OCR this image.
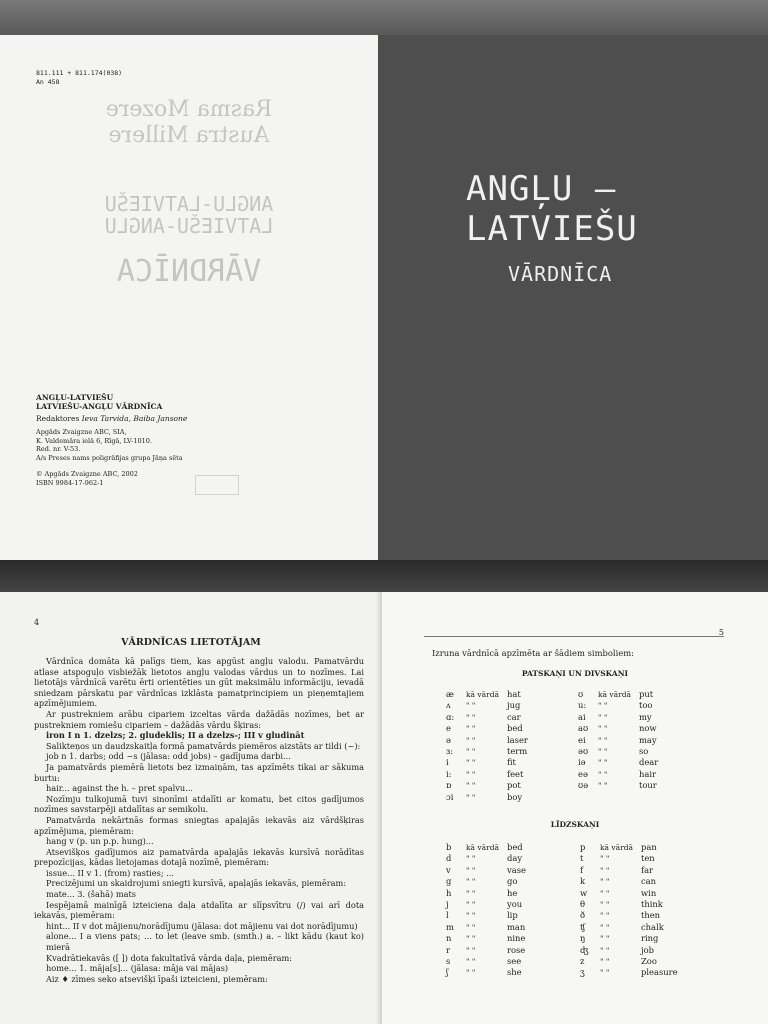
811.111 + 811.174(038)
An 458
Rasma Mozere
Austra Millere
ANGLU-LATVIEŠU
LATVIEŠU-ANGLU
VĀRDNĪCA
ANGĻU-LATVIEŠU
LATVIEŠU-ANGĻU VĀRDNĪCA
Redaktores Ieva Tarvida, Baiba Jansone
Apgāds Zvaigzne ABC, SIA,
K. Valdemāra ielā 6, Rīgā, LV-1010.
Red. nr. V-53.
A/s Preses nams poligrāfijas grupa Jāņa sēta
© Apgāds Zvaigzne ABC, 2002
ISBN 9984-17-962-1
ANGĻU –
LATVIEŠU
VĀRDNĪCA
4
VĀRDNĪCAS LIETOTĀJAM

Vārdnīca domāta kā palīgs tiem, kas apgūst angļu valodu. Pamatvārdu atlase atspoguļo visbiežāk lietotos angļu valodas vārdus un to nozīmes. Lai lietotājs vārdnīcā varētu ērti orientēties un gūt maksimālu informāciju, ievadā sniedzam pārskatu par vārdnīcas izklāsta pamatprincipiem un pieņemtajiem apzīmējumiem.

Ar pustrekniem arābu cipariem izceltas vārda dažādās nozīmes, bet ar pustrekniem romiešu cipariem – dažādās vārdu šķiras:

iron I n 1. dzelzs; 2. gludeklis; II a dzelzs-; III v gludināt

Salikteņos un daudzskaitļa formā pamatvārds piemēros aizstāts ar tildi (~):

job n 1. darbs; odd ~s (jālasa: odd jobs) – gadījuma darbi...

Ja pamatvārds piemērā lietots bez izmaiņām, tas apzīmēts tikai ar sākuma burtu:

hair... against the h. – pret spalvu...

Nozīmju tulkojumā tuvi sinonīmi atdalīti ar komatu, bet citos gadījumos nozīmes savstarpēji atdalītas ar semikolu.

Pamatvārda nekārtnās formas sniegtas apaļajās iekavās aiz vārdšķiras apzīmējuma, piemēram:

hang v (p. un p.p. hung)...

Atsevišķos gadījumos aiz pamatvārda apaļajās iekavās kursīvā norādītas prepozīcijas, kādas lietojamas dotajā nozīmē, piemēram:

issue... II v 1. (from) rasties; ...

Precizējumi un skaidrojumi sniegti kursīvā, apaļajās iekavās, piemēram:

mate... 3. (šahā) mats

Iespējamā mainīgā izteiciena daļa atdalīta ar slīpsvītru (/) vai arī dota iekavās, piemēram:

hint... II v dot mājienu/norādījumu (jālasa: dot mājienu vai dot norādījumu)

alone... I a viens pats; ... to let (leave smb. (smth.) a. – likt kādu (kaut ko) mierā

Kvadrātiekavās ([ ]) dota fakultatīvā vārda daļa, piemēram:

home... 1. māja[s]... (jālasa: māja vai mājas)

Aiz ♦ zīmes seko atsevišķi īpaši izteicieni, piemēram:

5
Izruna vārdnīcā apzīmēta ar šādiem simboliem:
PATSKAŅI UN DIVSKAŅI
æ	kā vārdā	hat
ʌ	" "	jug
ɑ:	" "	car
e	" "	bed
ə	" "	laser
ɜ:	" "	term
i	" "	fit
i:	" "	feet
ɒ	" "	pot
ɔi	" "	boy
ʊ	kā vārdā	put
u:	" "	too
ai	" "	my
aʊ	" "	now
ei	" "	may
əʊ	" "	so
iə	" "	dear
eə	" "	hair
ʊə	" "	tour
LĪDZSKAŅI
b	kā vārdā	bed
d	" "	day
v	" "	vase
g	" "	go
h	" "	he
j	" "	you
l	" "	lip
m	" "	man
n	" "	nine
r	" "	rose
s	" "	see
ʃ	" "	she
p	kā vārdā	pan
t	" "	ten
f	" "	far
k	" "	can
w	" "	win
θ	" "	think
ð	" "	then
ʧ	" "	chalk
ŋ	" "	ring
ʤ	" "	job
z	" "	Zoo
ʒ	" "	pleasure
